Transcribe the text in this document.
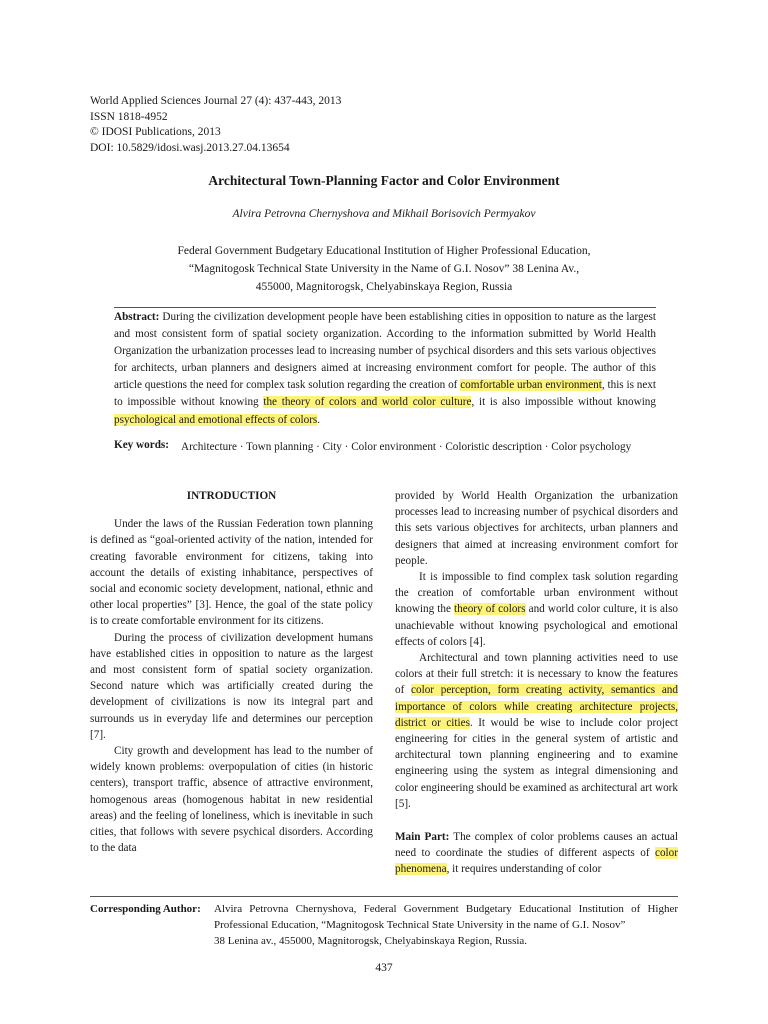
World Applied Sciences Journal 27 (4): 437-443, 2013
ISSN 1818-4952
© IDOSI Publications, 2013
DOI: 10.5829/idosi.wasj.2013.27.04.13654
Architectural Town-Planning Factor and Color Environment
Alvira Petrovna Chernyshova and Mikhail Borisovich Permyakov
Federal Government Budgetary Educational Institution of Higher Professional Education,
“Magnitogosk Technical State University in the Name of G.I. Nosov” 38 Lenina Av.,
455000, Magnitorogsk, Chelyabinskaya Region, Russia
Abstract: During the civilization development people have been establishing cities in opposition to nature as the largest and most consistent form of spatial society organization. According to the information submitted by World Health Organization the urbanization processes lead to increasing number of psychical disorders and this sets various objectives for architects, urban planners and designers aimed at increasing environment comfort for people. The author of this article questions the need for complex task solution regarding the creation of comfortable urban environment, this is next to impossible without knowing the theory of colors and world color culture, it is also impossible without knowing psychological and emotional effects of colors.
Key words: Architecture · Town planning · City · Color environment · Coloristic description · Color psychology

INTRODUCTION

Under the laws of the Russian Federation town planning is defined as “goal-oriented activity of the nation, intended for creating favorable environment for citizens, taking into account the details of existing inhabitance, perspectives of social and economic society development, national, ethnic and other local properties” [3]. Hence, the goal of the state policy is to create comfortable environment for its citizens.

During the process of civilization development humans have established cities in opposition to nature as the largest and most consistent form of spatial society organization. Second nature which was artificially created during the development of civilizations is now its integral part and surrounds us in everyday life and determines our perception [7].

City growth and development has lead to the number of widely known problems: overpopulation of cities (in historic centers), transport traffic, absence of attractive environment, homogenous areas (homogenous habitat in new residential areas) and the feeling of loneliness, which is inevitable in such cities, that follows with severe psychical disorders. According to the data

provided by World Health Organization the urbanization processes lead to increasing number of psychical disorders and this sets various objectives for architects, urban planners and designers that aimed at increasing environment comfort for people.

It is impossible to find complex task solution regarding the creation of comfortable urban environment without knowing the theory of colors and world color culture, it is also unachievable without knowing psychological and emotional effects of colors [4].

Architectural and town planning activities need to use colors at their full stretch: it is necessary to know the features of color perception, form creating activity, semantics and importance of colors while creating architecture projects, district or cities. It would be wise to include color project engineering for cities in the general system of artistic and architectural town planning engineering and to examine engineering using the system as integral dimensioning and color engineering should be examined as architectural art work [5].

Main Part: The complex of color problems causes an actual need to coordinate the studies of different aspects of color phenomena, it requires understanding of color

Corresponding Author: Alvira Petrovna Chernyshova, Federal Government Budgetary Educational Institution of Higher Professional Education, “Magnitogosk Technical State University in the name of G.I. Nosov”
38 Lenina av., 455000, Magnitorogsk, Chelyabinskaya Region, Russia.
437
